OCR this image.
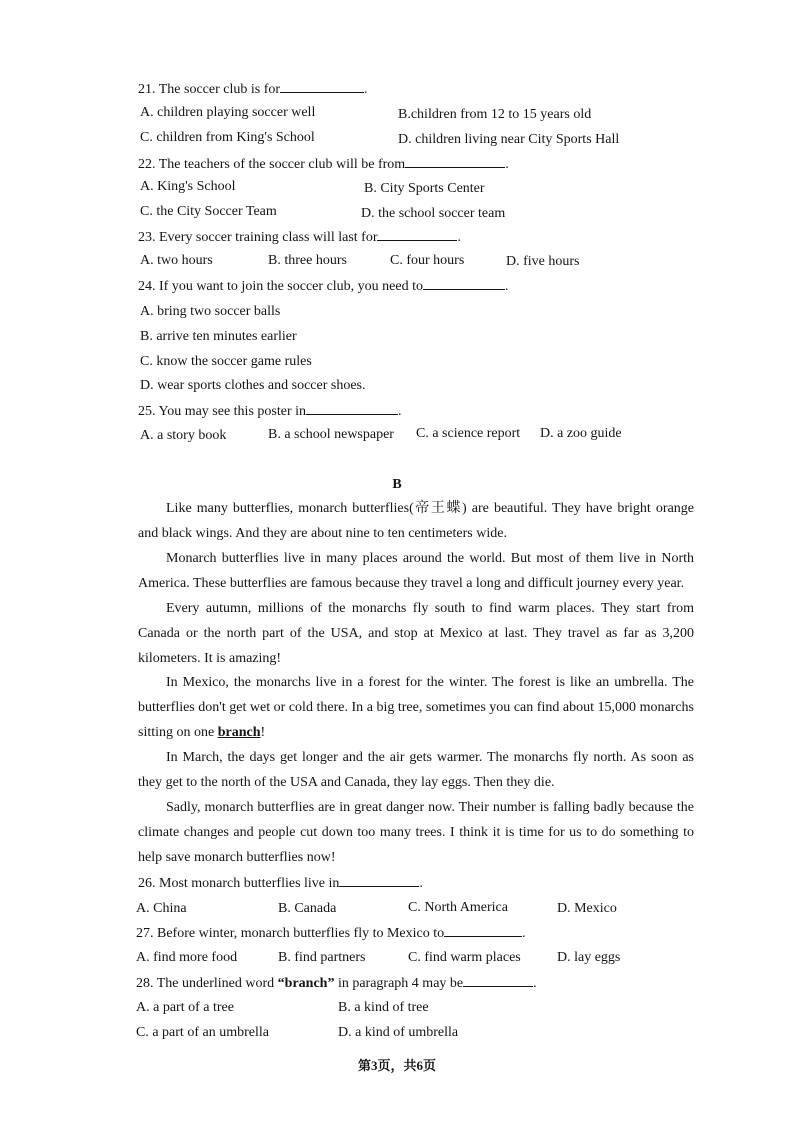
21. The soccer club is for	.
A. children playing soccer well	B.children from 12 to 15 years old
C. children from King's School	D. children living near City Sports Hall
22. The teachers of the soccer club will be from	.
A. King's School	B. City Sports Center
C. the City Soccer Team	D. the school soccer team
23. Every soccer training class will last for	.
A. two hours	B. three hours	C. four hours	D. five hours
24. If you want to join the soccer club, you need to	.
A. bring two soccer balls
B. arrive ten minutes earlier
C. know the soccer game rules
D. wear sports clothes and soccer shoes.
25. You may see this poster in	.
A. a story book	B. a school newspaper C. a science report D. a zoo guide
B
Like many butterflies, monarch butterflies(帝王蝶) are beautiful. They have bright orange and black wings. And they are about nine to ten centimeters wide.
Monarch butterflies live in many places around the world. But most of them live in North America. These butterflies are famous because they travel a long and difficult journey every year.
Every autumn, millions of the monarchs fly south to find warm places. They start from Canada or the north part of the USA, and stop at Mexico at last. They travel as far as 3,200 kilometers. It is amazing!
In Mexico, the monarchs live in a forest for the winter. The forest is like an umbrella. The butterflies don't get wet or cold there. In a big tree, sometimes you can find about 15,000 monarchs sitting on one branch!
In March, the days get longer and the air gets warmer. The monarchs fly north. As soon as they get to the north of the USA and Canada, they lay eggs. Then they die.
Sadly, monarch butterflies are in great danger now. Their number is falling badly because the climate changes and people cut down too many trees. I think it is time for us to do something to help save monarch butterflies now!
26. Most monarch butterflies live in	.
A. China	B. Canada	C. North America	D. Mexico
27. Before winter, monarch butterflies fly to Mexico to	.
A. find more food	B. find partners	C. find warm places	D. lay eggs
28. The underlined word “branch” in paragraph 4 may be	.
A. a part of a tree	B. a kind of tree
C. a part of an umbrella	D. a kind of umbrella
第3页，共6页
